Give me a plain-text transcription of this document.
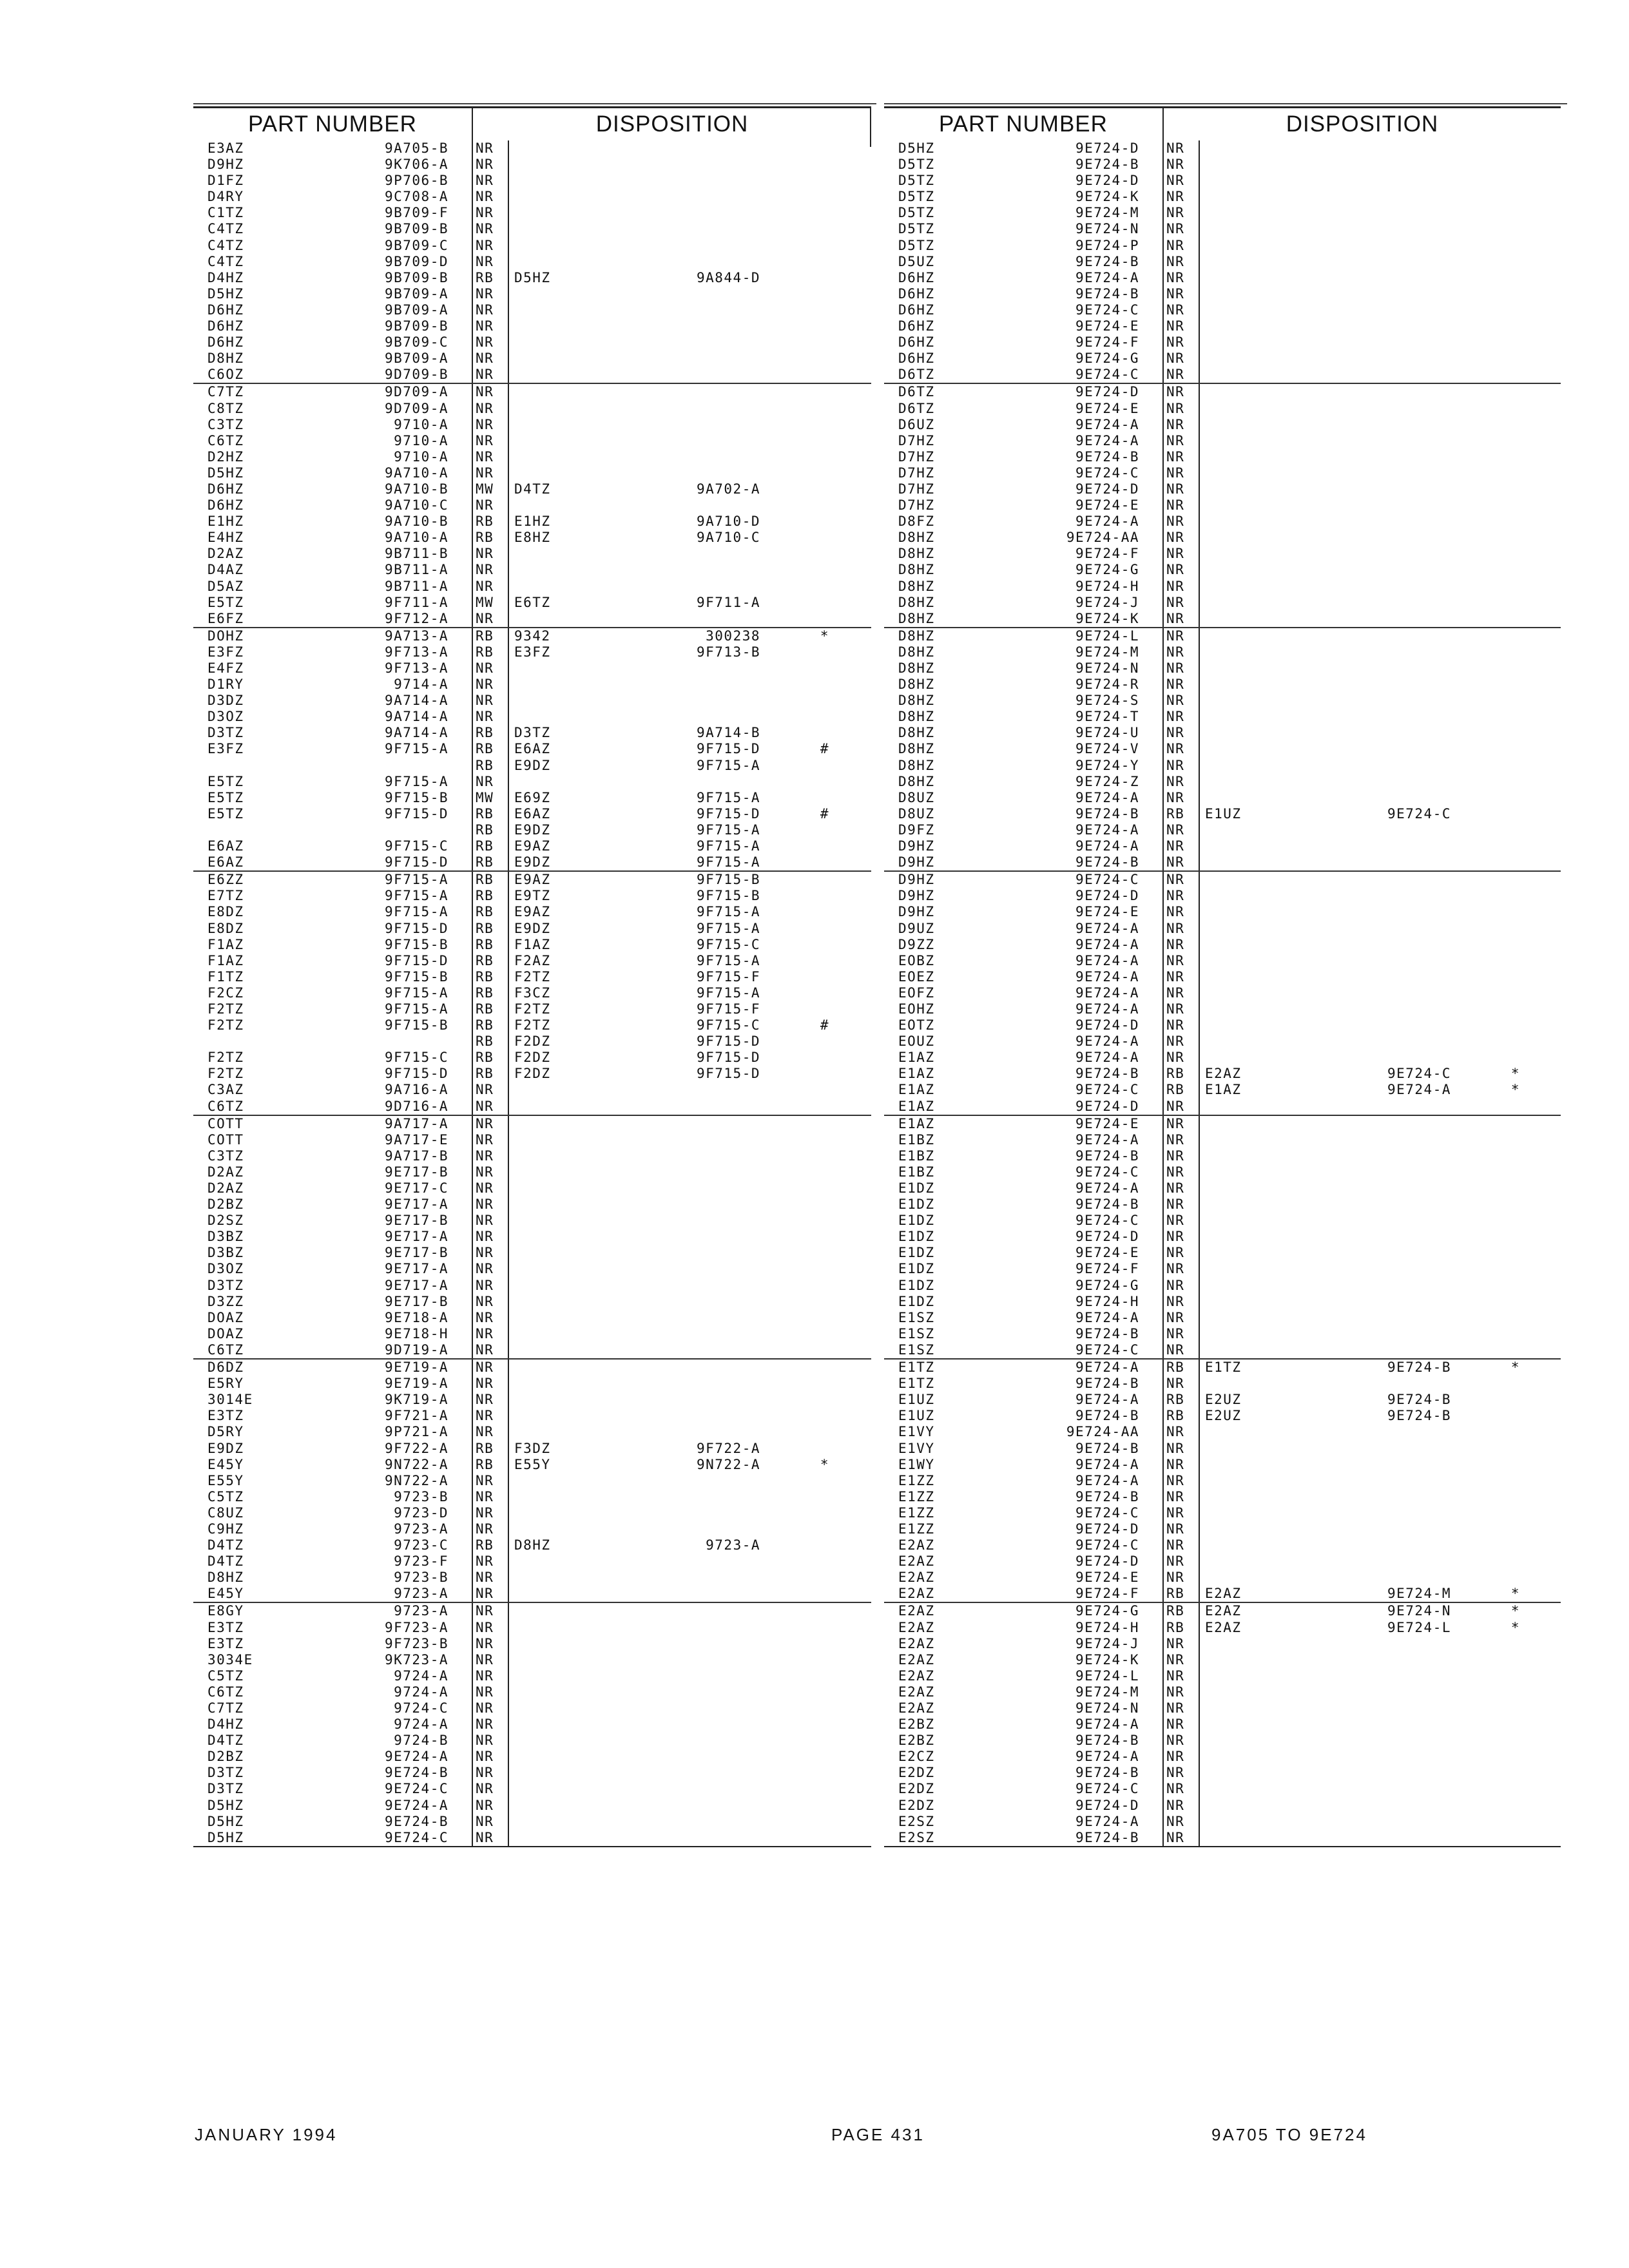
PART NUMBER	DISPOSITION
E3AZ	9A705-B NR
D9HZ	9K706-A NR
D1FZ	9P706-B NR
D4RY	9C708-A NR
C1TZ	9B709-F NR
C4TZ	9B709-B NR
C4TZ	9B709-C NR
C4TZ	9B709-D NR
D4HZ	9B709-B RB	D5HZ	9A844-D
D5HZ	9B709-A NR
D6HZ	9B709-A NR
D6HZ	9B709-B NR
D6HZ	9B709-C NR
D8HZ	9B709-A NR
C6OZ	9D709-B NR
C7TZ	9D709-A NR
C8TZ	9D709-A NR
C3TZ	9710-A NR
C6TZ	9710-A NR
D2HZ	9710-A NR
D5HZ	9A710-A NR
D6HZ	9A710-B MW	D4TZ	9A702-A
D6HZ	9A710-C NR
E1HZ	9A710-B RB	E1HZ	9A710-D
E4HZ	9A710-A RB	E8HZ	9A710-C
D2AZ	9B711-B NR
D4AZ	9B711-A NR
D5AZ	9B711-A NR
E5TZ	9F711-A MW	E6TZ	9F711-A
E6FZ	9F712-A NR
DOHZ	9A713-A RB	9342	300238	*
E3FZ	9F713-A RB	E3FZ	9F713-B
E4FZ	9F713-A NR
D1RY	9714-A NR
D3DZ	9A714-A NR
D3OZ	9A714-A NR
D3TZ	9A714-A RB	D3TZ	9A714-B
E3FZ	9F715-A RB	E6AZ	9F715-D	#
RB	E9DZ	9F715-A
E5TZ	9F715-A NR
E5TZ	9F715-B MW	E69Z	9F715-A
E5TZ	9F715-D RB	E6AZ	9F715-D	#
RB	E9DZ	9F715-A
E6AZ	9F715-C RB	E9AZ	9F715-A
E6AZ	9F715-D RB	E9DZ	9F715-A
E6ZZ	9F715-A RB	E9AZ	9F715-B
E7TZ	9F715-A RB	E9TZ	9F715-B
E8DZ	9F715-A RB	E9AZ	9F715-A
E8DZ	9F715-D RB	E9DZ	9F715-A
F1AZ	9F715-B RB	F1AZ	9F715-C
F1AZ	9F715-D RB	F2AZ	9F715-A
F1TZ	9F715-B RB	F2TZ	9F715-F
F2CZ	9F715-A RB	F3CZ	9F715-A
F2TZ	9F715-A RB	F2TZ	9F715-F
F2TZ	9F715-B RB	F2TZ	9F715-C	#
RB	F2DZ	9F715-D
F2TZ	9F715-C RB	F2DZ	9F715-D
F2TZ	9F715-D RB	F2DZ	9F715-D
C3AZ	9A716-A NR
C6TZ	9D716-A NR
COTT	9A717-A NR
COTT	9A717-E NR
C3TZ	9A717-B NR
D2AZ	9E717-B NR
D2AZ	9E717-C NR
D2BZ	9E717-A NR
D2SZ	9E717-B NR
D3BZ	9E717-A NR
D3BZ	9E717-B NR
D3OZ	9E717-A NR
D3TZ	9E717-A NR
D3ZZ	9E717-B NR
DOAZ	9E718-A NR
DOAZ	9E718-H NR
C6TZ	9D719-A NR
D6DZ	9E719-A NR
E5RY	9E719-A NR
3014E	9K719-A NR
E3TZ	9F721-A NR
D5RY	9P721-A NR
E9DZ	9F722-A RB	F3DZ	9F722-A
E45Y	9N722-A RB	E55Y	9N722-A	*
E55Y	9N722-A NR
C5TZ	9723-B NR
C8UZ	9723-D NR
C9HZ	9723-A NR
D4TZ	9723-C RB	D8HZ	9723-A
D4TZ	9723-F NR
D8HZ	9723-B NR
E45Y	9723-A NR
E8GY	9723-A NR
E3TZ	9F723-A NR
E3TZ	9F723-B NR
3034E	9K723-A NR
C5TZ	9724-A NR
C6TZ	9724-A NR
C7TZ	9724-C NR
D4HZ	9724-A NR
D4TZ	9724-B NR
D2BZ	9E724-A NR
D3TZ	9E724-B NR
D3TZ	9E724-C NR
D5HZ	9E724-A NR
D5HZ	9E724-B NR
D5HZ	9E724-C NR
PART NUMBER	DISPOSITION
D5HZ	9E724-D NR
D5TZ	9E724-B NR
D5TZ	9E724-D NR
D5TZ	9E724-K NR
D5TZ	9E724-M NR
D5TZ	9E724-N NR
D5TZ	9E724-P NR
D5UZ	9E724-B NR
D6HZ	9E724-A NR
D6HZ	9E724-B NR
D6HZ	9E724-C NR
D6HZ	9E724-E NR
D6HZ	9E724-F NR
D6HZ	9E724-G NR
D6TZ	9E724-C NR
D6TZ	9E724-D NR
D6TZ	9E724-E NR
D6UZ	9E724-A NR
D7HZ	9E724-A NR
D7HZ	9E724-B NR
D7HZ	9E724-C NR
D7HZ	9E724-D NR
D7HZ	9E724-E NR
D8FZ	9E724-A NR
D8HZ	9E724-AA NR
D8HZ	9E724-F NR
D8HZ	9E724-G NR
D8HZ	9E724-H NR
D8HZ	9E724-J NR
D8HZ	9E724-K NR
D8HZ	9E724-L NR
D8HZ	9E724-M NR
D8HZ	9E724-N NR
D8HZ	9E724-R NR
D8HZ	9E724-S NR
D8HZ	9E724-T NR
D8HZ	9E724-U NR
D8HZ	9E724-V NR
D8HZ	9E724-Y NR
D8HZ	9E724-Z NR
D8UZ	9E724-A NR
D8UZ	9E724-B RB	E1UZ	9E724-C
D9FZ	9E724-A NR
D9HZ	9E724-A NR
D9HZ	9E724-B NR
D9HZ	9E724-C NR
D9HZ	9E724-D NR
D9HZ	9E724-E NR
D9UZ	9E724-A NR
D9ZZ	9E724-A NR
EOBZ	9E724-A NR
EOEZ	9E724-A NR
EOFZ	9E724-A NR
EOHZ	9E724-A NR
EOTZ	9E724-D NR
EOUZ	9E724-A NR
E1AZ	9E724-A NR
E1AZ	9E724-B RB	E2AZ	9E724-C	*
E1AZ	9E724-C RB	E1AZ	9E724-A	*
E1AZ	9E724-D NR
E1AZ	9E724-E NR
E1BZ	9E724-A NR
E1BZ	9E724-B NR
E1BZ	9E724-C NR
E1DZ	9E724-A NR
E1DZ	9E724-B NR
E1DZ	9E724-C NR
E1DZ	9E724-D NR
E1DZ	9E724-E NR
E1DZ	9E724-F NR
E1DZ	9E724-G NR
E1DZ	9E724-H NR
E1SZ	9E724-A NR
E1SZ	9E724-B NR
E1SZ	9E724-C NR
E1TZ	9E724-A RB	E1TZ	9E724-B	*
E1TZ	9E724-B NR
E1UZ	9E724-A RB	E2UZ	9E724-B
E1UZ	9E724-B RB	E2UZ	9E724-B
E1VY	9E724-AA NR
E1VY	9E724-B NR
E1WY	9E724-A NR
E1ZZ	9E724-A NR
E1ZZ	9E724-B NR
E1ZZ	9E724-C NR
E1ZZ	9E724-D NR
E2AZ	9E724-C NR
E2AZ	9E724-D NR
E2AZ	9E724-E NR
E2AZ	9E724-F RB	E2AZ	9E724-M	*
E2AZ	9E724-G RB	E2AZ	9E724-N	*
E2AZ	9E724-H RB	E2AZ	9E724-L	*
E2AZ	9E724-J NR
E2AZ	9E724-K NR
E2AZ	9E724-L NR
E2AZ	9E724-M NR
E2AZ	9E724-N NR
E2BZ	9E724-A NR
E2BZ	9E724-B NR
E2CZ	9E724-A NR
E2DZ	9E724-B NR
E2DZ	9E724-C NR
E2DZ	9E724-D NR
E2SZ	9E724-A NR
E2SZ	9E724-B NR
JANUARY 1994	PAGE 431	9A705 TO 9E724
